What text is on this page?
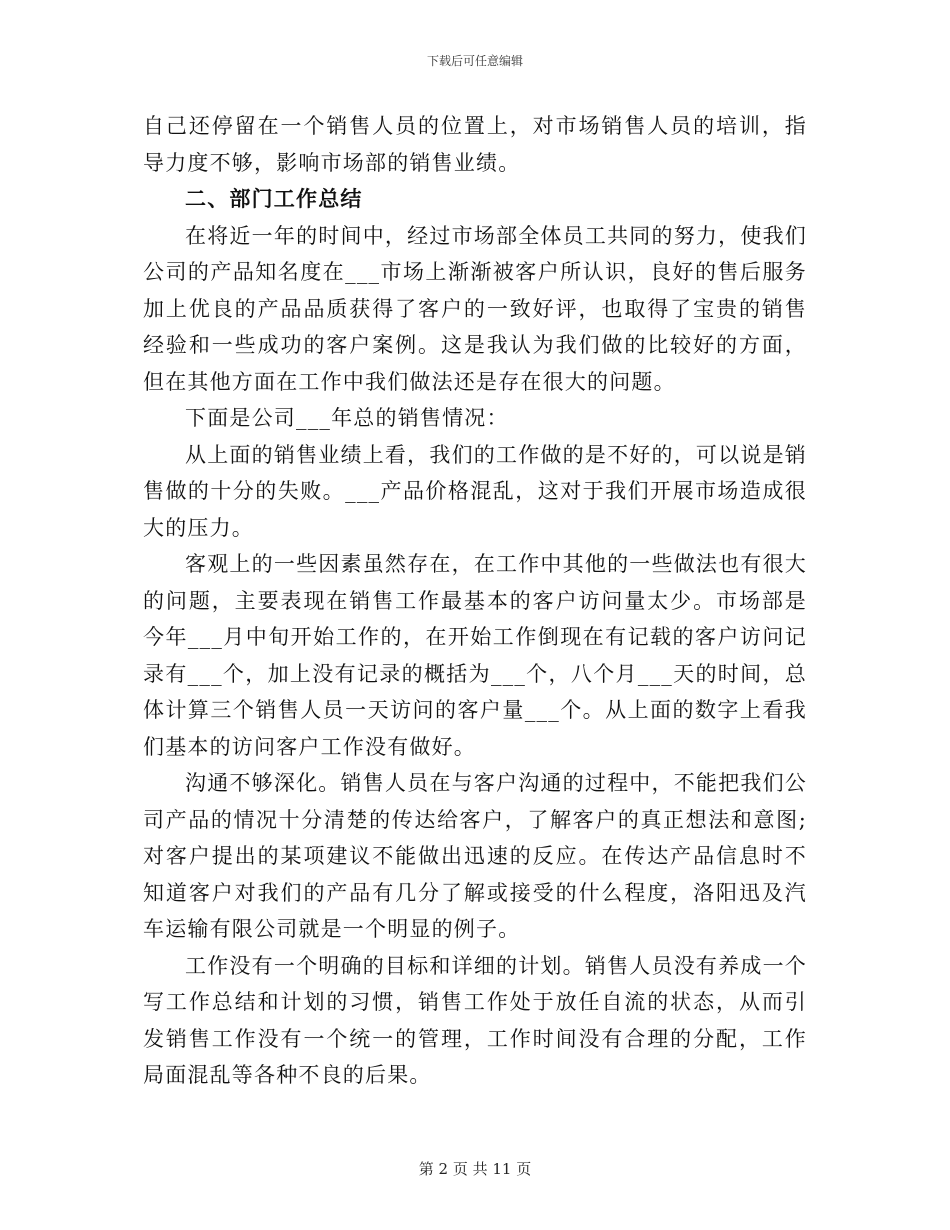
下载后可任意编辑

自己还停留在一个销售人员的位置上，对市场销售人员的培训，指导力度不够，影响市场部的销售业绩。

二、部门工作总结

在将近一年的时间中，经过市场部全体员工共同的努力，使我们公司的产品知名度在___市场上渐渐被客户所认识，良好的售后服务加上优良的产品品质获得了客户的一致好评，也取得了宝贵的销售经验和一些成功的客户案例。这是我认为我们做的比较好的方面，但在其他方面在工作中我们做法还是存在很大的问题。

下面是公司___年总的销售情况：

从上面的销售业绩上看，我们的工作做的是不好的，可以说是销售做的十分的失败。___产品价格混乱，这对于我们开展市场造成很大的压力。

客观上的一些因素虽然存在，在工作中其他的一些做法也有很大的问题，主要表现在销售工作最基本的客户访问量太少。市场部是今年___月中旬开始工作的，在开始工作倒现在有记载的客户访问记录有___个，加上没有记录的概括为___个，八个月___天的时间，总体计算三个销售人员一天访问的客户量___个。从上面的数字上看我们基本的访问客户工作没有做好。

沟通不够深化。销售人员在与客户沟通的过程中，不能把我们公司产品的情况十分清楚的传达给客户，了解客户的真正想法和意图;对客户提出的某项建议不能做出迅速的反应。在传达产品信息时不知道客户对我们的产品有几分了解或接受的什么程度，洛阳迅及汽车运输有限公司就是一个明显的例子。

工作没有一个明确的目标和详细的计划。销售人员没有养成一个写工作总结和计划的习惯，销售工作处于放任自流的状态，从而引发销售工作没有一个统一的管理，工作时间没有合理的分配，工作局面混乱等各种不良的后果。

第 2 页 共 11 页
